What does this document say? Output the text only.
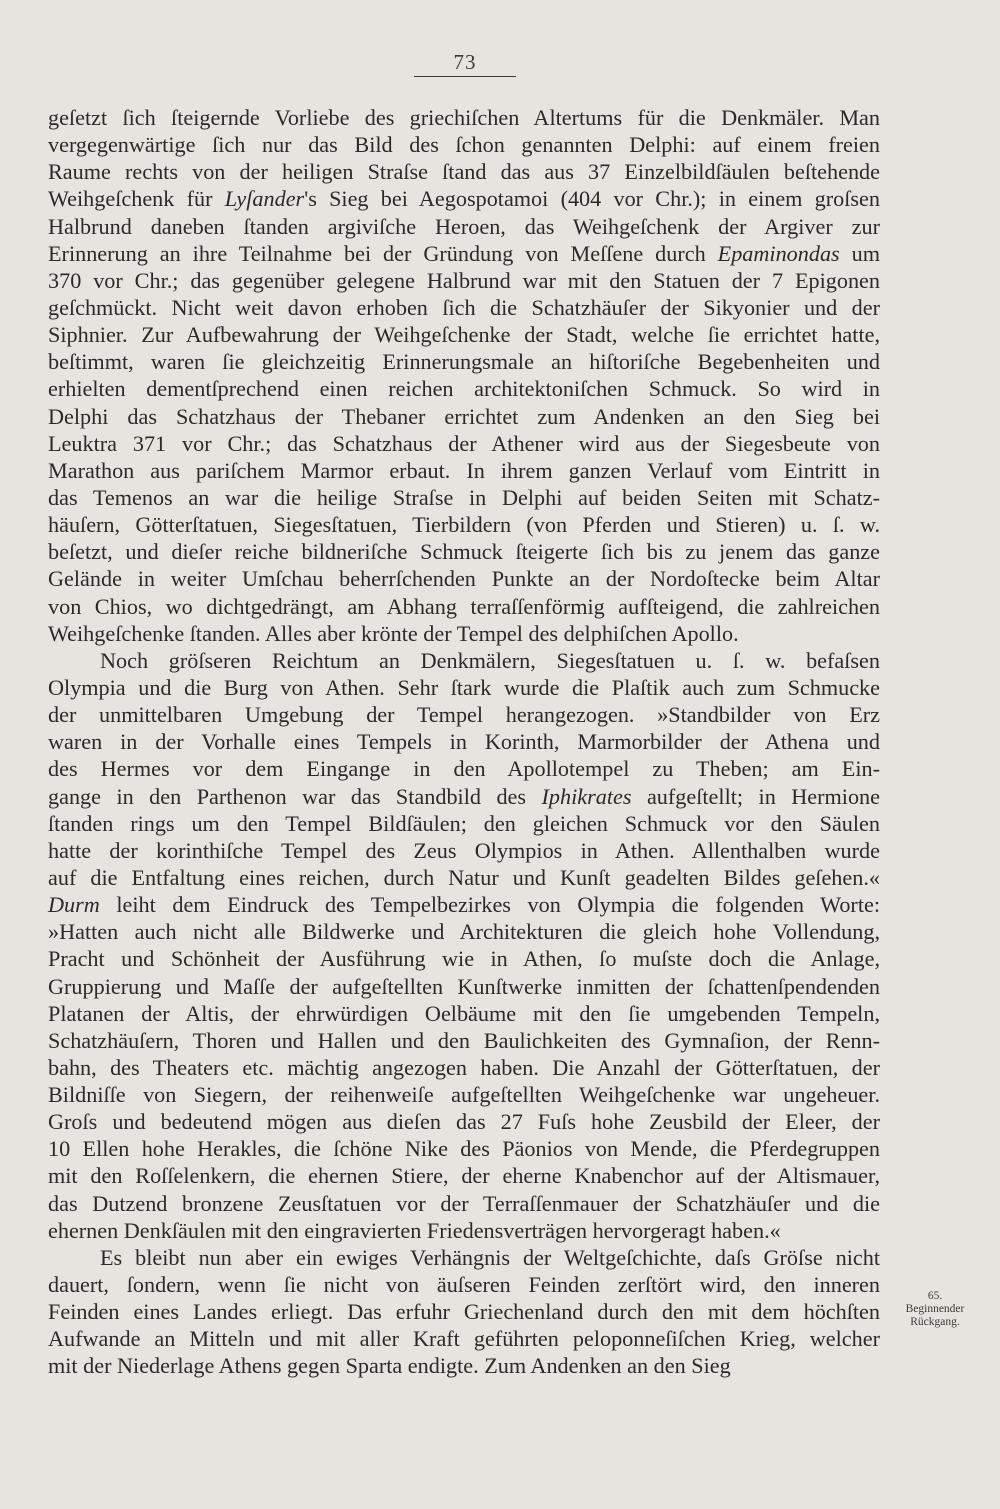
73
geſetzt ſich ſteigernde Vorliebe des griechiſchen Altertums für die Denkmäler. Man
vergegenwärtige ſich nur das Bild des ſchon genannten Delphi: auf einem freien
Raume rechts von der heiligen Straſse ſtand das aus 37 Einzelbildſäulen beſtehende
Weihgeſchenk für Lyſander's Sieg bei Aegospotamoi (404 vor Chr.); in einem groſsen
Halbrund daneben ſtanden argiviſche Heroen, das Weihgeſchenk der Argiver zur
Erinnerung an ihre Teilnahme bei der Gründung von Meſſene durch Epaminondas um
370 vor Chr.; das gegenüber gelegene Halbrund war mit den Statuen der 7 Epigonen
geſchmückt. Nicht weit davon erhoben ſich die Schatzhäuſer der Sikyonier und der
Siphnier. Zur Aufbewahrung der Weihgeſchenke der Stadt, welche ſie errichtet hatte,
beſtimmt, waren ſie gleichzeitig Erinnerungsmale an hiſtoriſche Begebenheiten und
erhielten dementſprechend einen reichen architektoniſchen Schmuck. So wird in
Delphi das Schatzhaus der Thebaner errichtet zum Andenken an den Sieg bei
Leuktra 371 vor Chr.; das Schatzhaus der Athener wird aus der Siegesbeute von
Marathon aus pariſchem Marmor erbaut. In ihrem ganzen Verlauf vom Eintritt in
das Temenos an war die heilige Straſse in Delphi auf beiden Seiten mit Schatz-
häuſern, Götterſtatuen, Siegesſtatuen, Tierbildern (von Pferden und Stieren) u. ſ. w.
beſetzt, und dieſer reiche bildneriſche Schmuck ſteigerte ſich bis zu jenem das ganze
Gelände in weiter Umſchau beherrſchenden Punkte an der Nordoſtecke beim Altar
von Chios, wo dichtgedrängt, am Abhang terraſſenförmig aufſteigend, die zahlreichen
Weihgeſchenke ſtanden. Alles aber krönte der Tempel des delphiſchen Apollo.
Noch gröſseren Reichtum an Denkmälern, Siegesſtatuen u. ſ. w. befaſsen
Olympia und die Burg von Athen. Sehr ſtark wurde die Plaſtik auch zum Schmucke
der unmittelbaren Umgebung der Tempel herangezogen. »Standbilder von Erz
waren in der Vorhalle eines Tempels in Korinth, Marmorbilder der Athena und
des Hermes vor dem Eingange in den Apollotempel zu Theben; am Ein-
gange in den Parthenon war das Standbild des Iphikrates aufgeſtellt; in Hermione
ſtanden rings um den Tempel Bildſäulen; den gleichen Schmuck vor den Säulen
hatte der korinthiſche Tempel des Zeus Olympios in Athen. Allenthalben wurde
auf die Entfaltung eines reichen, durch Natur und Kunſt geadelten Bildes geſehen.«
Durm leiht dem Eindruck des Tempelbezirkes von Olympia die folgenden Worte:
»Hatten auch nicht alle Bildwerke und Architekturen die gleich hohe Vollendung,
Pracht und Schönheit der Ausführung wie in Athen, ſo muſste doch die Anlage,
Gruppierung und Maſſe der aufgeſtellten Kunſtwerke inmitten der ſchattenſpendenden
Platanen der Altis, der ehrwürdigen Oelbäume mit den ſie umgebenden Tempeln,
Schatzhäuſern, Thoren und Hallen und den Baulichkeiten des Gymnaſion, der Renn-
bahn, des Theaters etc. mächtig angezogen haben. Die Anzahl der Götterſtatuen, der
Bildniſſe von Siegern, der reihenweiſe aufgeſtellten Weihgeſchenke war ungeheuer.
Groſs und bedeutend mögen aus dieſen das 27 Fuſs hohe Zeusbild der Eleer, der
10 Ellen hohe Herakles, die ſchöne Nike des Päonios von Mende, die Pferdegruppen
mit den Roſſelenkern, die ehernen Stiere, der eherne Knabenchor auf der Altismauer,
das Dutzend bronzene Zeusſtatuen vor der Terraſſenmauer der Schatzhäuſer und die
ehernen Denkſäulen mit den eingravierten Friedensverträgen hervorgeragt haben.«
Es bleibt nun aber ein ewiges Verhängnis der Weltgeſchichte, daſs Gröſse nicht
dauert, ſondern, wenn ſie nicht von äuſseren Feinden zerſtört wird, den inneren
Feinden eines Landes erliegt. Das erfuhr Griechenland durch den mit dem höchſten
Aufwande an Mitteln und mit aller Kraft geführten peloponneſiſchen Krieg, welcher
mit der Niederlage Athens gegen Sparta endigte. Zum Andenken an den Sieg
65.
Beginnender
Rückgang.
